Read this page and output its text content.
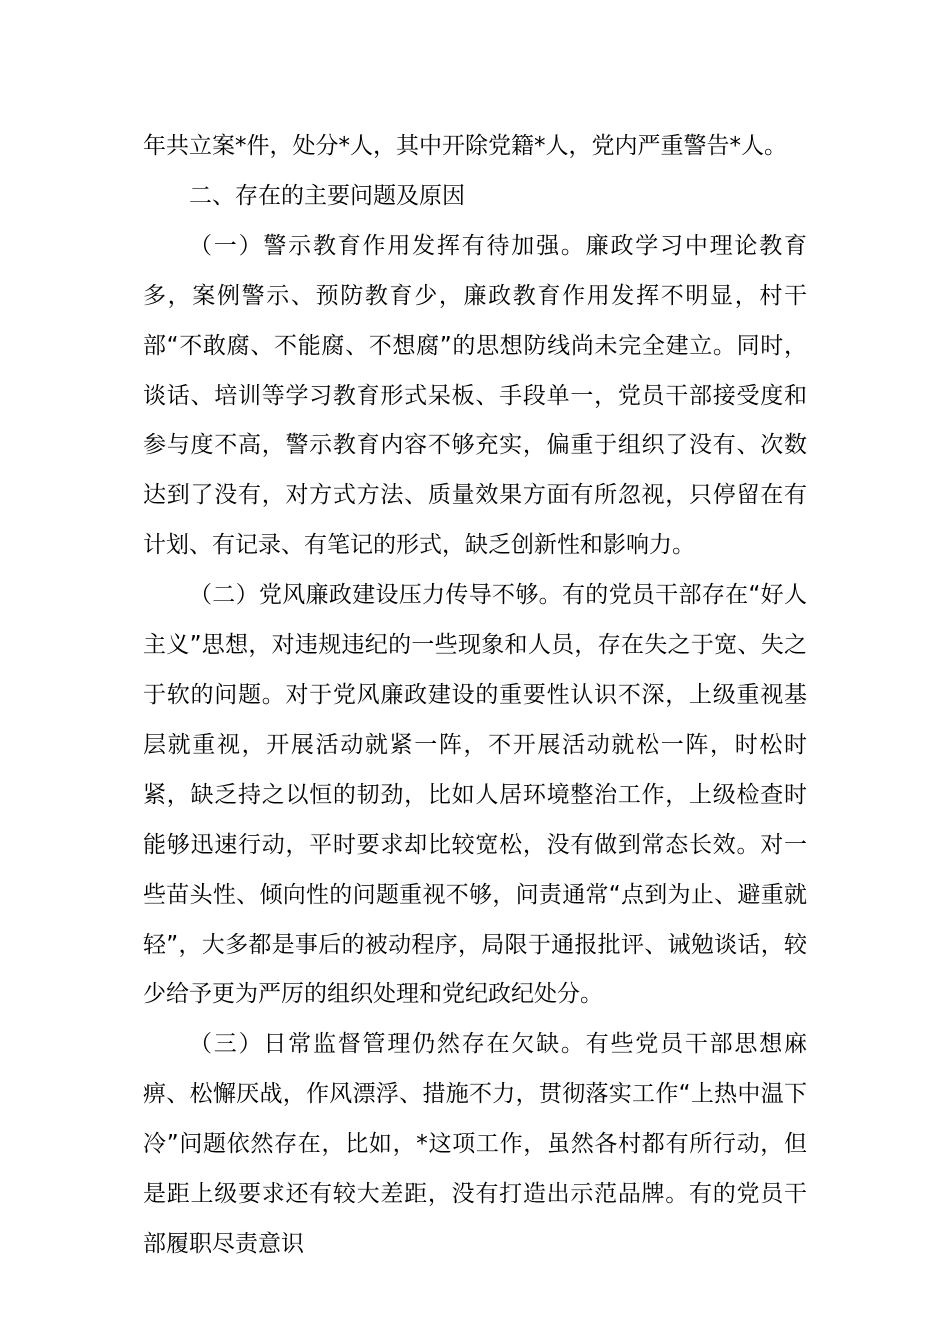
年共立案*件，处分*人，其中开除党籍*人，党内严重警告*人。

二、存在的主要问题及原因

（一）警示教育作用发挥有待加强。廉政学习中理论教育多，案例警示、预防教育少，廉政教育作用发挥不明显，村干部“不敢腐、不能腐、不想腐”的思想防线尚未完全建立。同时，谈话、培训等学习教育形式呆板、手段单一，党员干部接受度和参与度不高，警示教育内容不够充实，偏重于组织了没有、次数达到了没有，对方式方法、质量效果方面有所忽视，只停留在有计划、有记录、有笔记的形式，缺乏创新性和影响力。

（二）党风廉政建设压力传导不够。有的党员干部存在“好人主义”思想，对违规违纪的一些现象和人员，存在失之于宽、失之于软的问题。对于党风廉政建设的重要性认识不深，上级重视基层就重视，开展活动就紧一阵，不开展活动就松一阵，时松时紧，缺乏持之以恒的韧劲，比如人居环境整治工作，上级检查时能够迅速行动，平时要求却比较宽松，没有做到常态长效。对一些苗头性、倾向性的问题重视不够，问责通常“点到为止、避重就轻”，大多都是事后的被动程序，局限于通报批评、诫勉谈话，较少给予更为严厉的组织处理和党纪政纪处分。

（三）日常监督管理仍然存在欠缺。有些党员干部思想麻痹、松懈厌战，作风漂浮、措施不力，贯彻落实工作“上热中温下冷”问题依然存在，比如，*这项工作，虽然各村都有所行动，但是距上级要求还有较大差距，没有打造出示范品牌。有的党员干部履职尽责意识
